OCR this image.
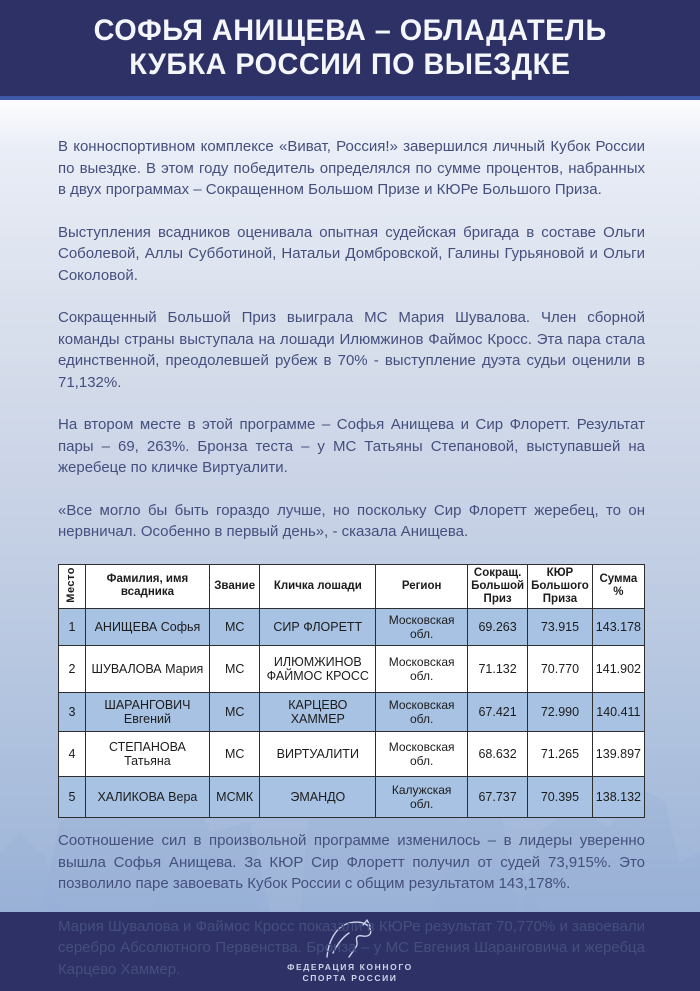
СОФЬЯ АНИЩЕВА – ОБЛАДАТЕЛЬ
КУБКА РОССИИ ПО ВЫЕЗДКЕ

В конноспортивном комплексе «Виват, Россия!» завершился личный Кубок России по выездке. В этом году победитель определялся по сумме процентов, набранных в двух программах – Сокращенном Большом Призе и КЮРе Большого Приза.

Выступления всадников оценивала опытная судейская бригада в составе Ольги Соболевой, Аллы Субботиной, Натальи Домбровской, Галины Гурьяновой и Ольги Соколовой.

Сокращенный Большой Приз выиграла МС Мария Шувалова. Член сборной команды страны выступала на лошади Илюмжинов Файмос Кросс. Эта пара стала единственной, преодолевшей рубеж в 70% - выступление дуэта судьи оценили в 71,132%.

На втором месте в этой программе – Софья Анищева и Сир Флоретт. Результат пары – 69, 263%. Бронза теста – у МС Татьяны Степановой, выступавшей на жеребеце по кличке Виртуалити.

«Все могло бы быть гораздо лучше, но поскольку Сир Флоретт жеребец, то он нервничал. Особенно в первый день», - сказала Анищева.

Место	Фамилия, имя всадника	Звание	Кличка лошади	Регион	Сокращ. Большой Приз	КЮР Большого Приза	Сумма %
1	АНИЩЕВА Софья	МС	СИР ФЛОРЕТТ	Московская обл.	69.263	73.915	143.178
2	ШУВАЛОВА Мария	МС	ИЛЮМЖИНОВ ФАЙМОС КРОСС	Московская обл.	71.132	70.770	141.902
3	ШАРАНГОВИЧ Евгений	МС	КАРЦЕВО ХАММЕР	Московская обл.	67.421	72.990	140.411
4	СТЕПАНОВА Татьяна	МС	ВИРТУАЛИТИ	Московская обл.	68.632	71.265	139.897
5	ХАЛИКОВА Вера	МСМК	ЭМАНДО	Калужская обл.	67.737	70.395	138.132

Соотношение сил в произвольной программе изменилось – в лидеры уверенно вышла Софья Анищева. За КЮР Сир Флоретт получил от судей 73,915%. Это позволило паре завоевать Кубок России с общим результатом 143,178%.

Мария Шувалова и Файмос Кросс показали в КЮРе результат 70,770% и завоевали серебро Абсолютного Первенства. Бронза – у МС Евгения Шаранговича и жеребца Карцево Хаммер.	ФЕДЕРАЦИЯ КОННОГО
СПОРТА РОССИИ
